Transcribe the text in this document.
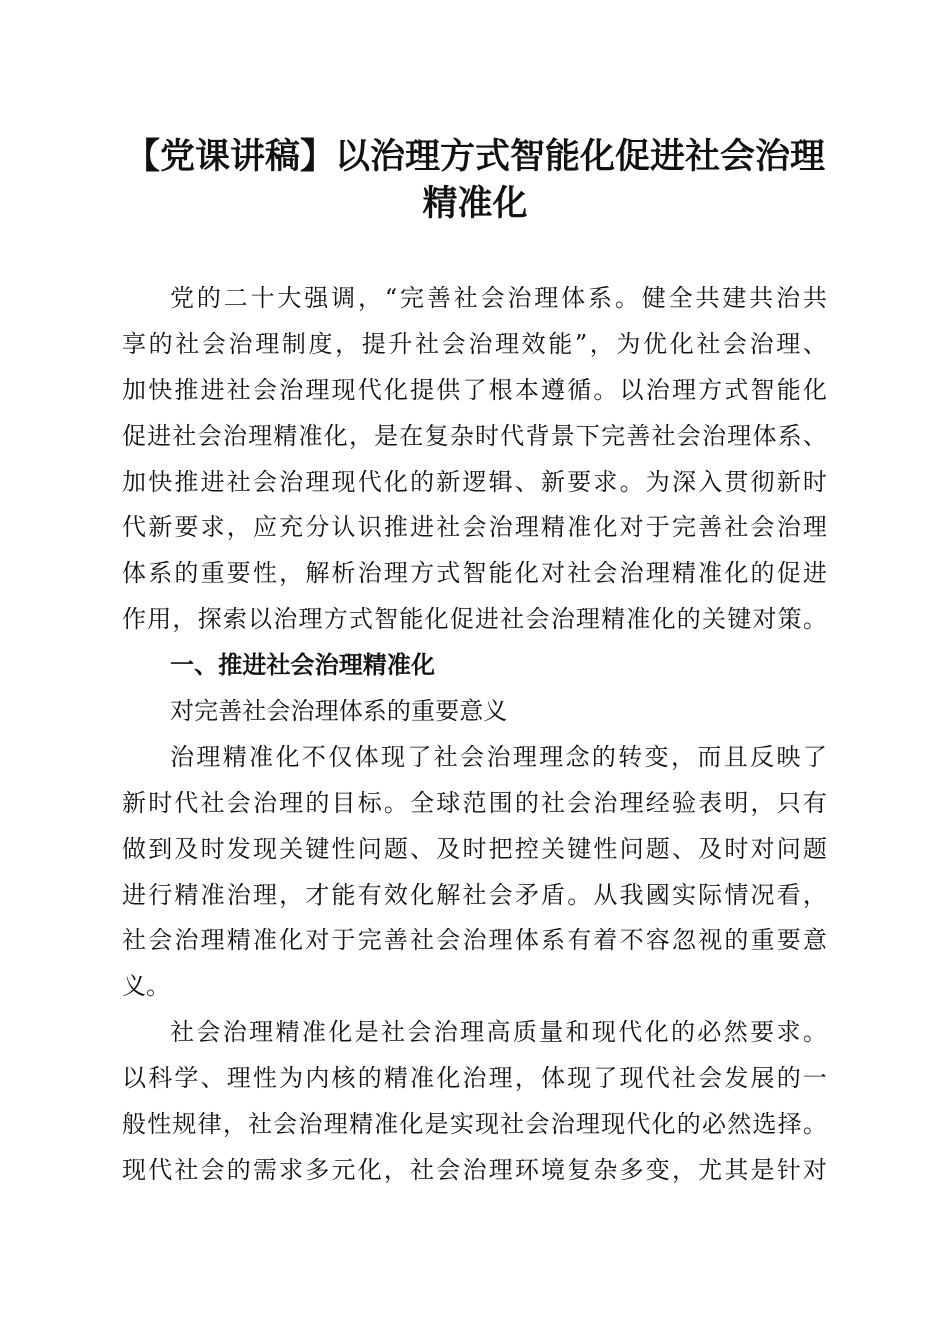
【党课讲稿】以治理方式智能化促进社会治理
精准化
党的二十大强调，“完善社会治理体系。健全共建共治共
享的社会治理制度，提升社会治理效能”，为优化社会治理、
加快推进社会治理现代化提供了根本遵循。以治理方式智能化
促进社会治理精准化，是在复杂时代背景下完善社会治理体系、
加快推进社会治理现代化的新逻辑、新要求。为深入贯彻新时
代新要求，应充分认识推进社会治理精准化对于完善社会治理
体系的重要性，解析治理方式智能化对社会治理精准化的促进
作用，探索以治理方式智能化促进社会治理精准化的关键对策。
一、推进社会治理精准化
对完善社会治理体系的重要意义
治理精准化不仅体现了社会治理理念的转变，而且反映了
新时代社会治理的目标。全球范围的社会治理经验表明，只有
做到及时发现关键性问题、及时把控关键性问题、及时对问题
进行精准治理，才能有效化解社会矛盾。从我國实际情况看，
社会治理精准化对于完善社会治理体系有着不容忽视的重要意
义。
社会治理精准化是社会治理高质量和现代化的必然要求。
以科学、理性为内核的精准化治理，体现了现代社会发展的一
般性规律，社会治理精准化是实现社会治理现代化的必然选择。
现代社会的需求多元化，社会治理环境复杂多变，尤其是针对
